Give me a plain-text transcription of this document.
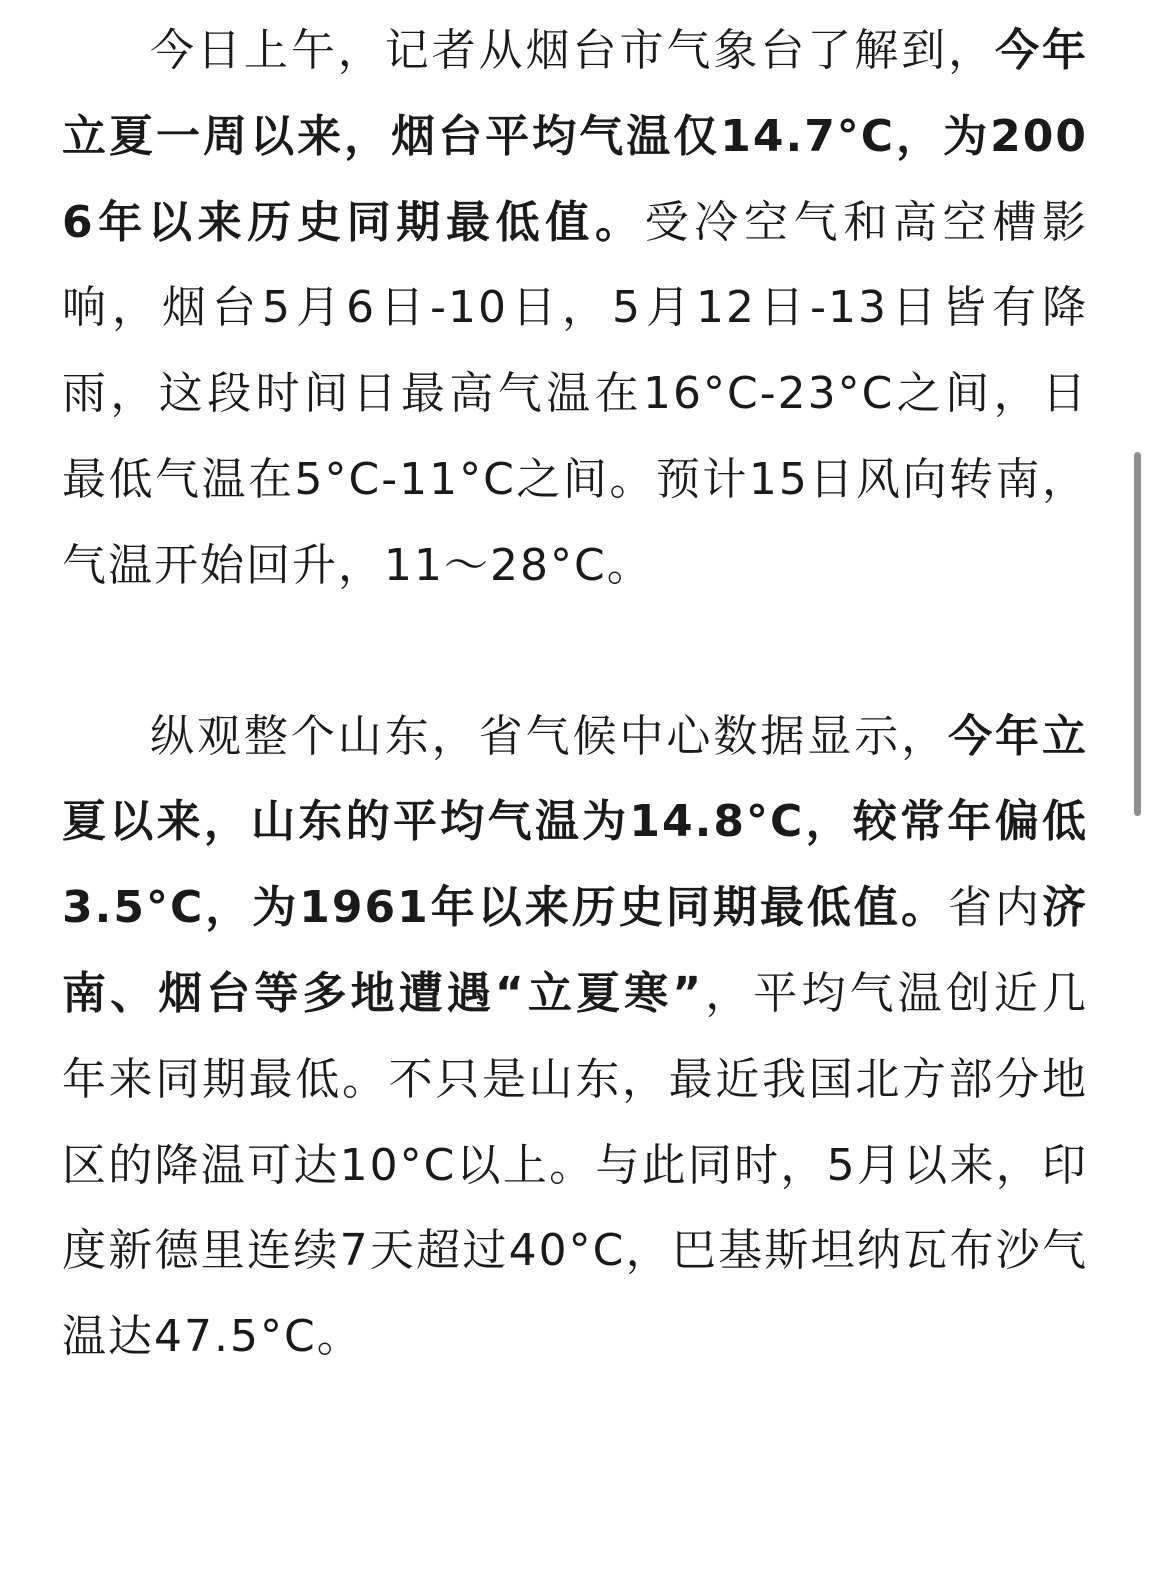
今日上午，记者从烟台市气象台了解到，今年立夏一周以来，烟台平均气温仅14.7°C，为2006年以来历史同期最低值。受冷空气和高空槽影响，烟台5月6日-10日，5月12日-13日皆有降雨，这段时间日最高气温在16°C-23°C之间，日最低气温在5°C-11°C之间。预计15日风向转南，气温开始回升，11～28°C。

纵观整个山东，省气候中心数据显示，今年立夏以来，山东的平均气温为14.8°C，较常年偏低3.5°C，为1961年以来历史同期最低值。省内济南、烟台等多地遭遇“立夏寒”，平均气温创近几年来同期最低。不只是山东，最近我国北方部分地区的降温可达10°C以上。与此同时，5月以来，印度新德里连续7天超过40°C，巴基斯坦纳瓦布沙气温达47.5°C。
